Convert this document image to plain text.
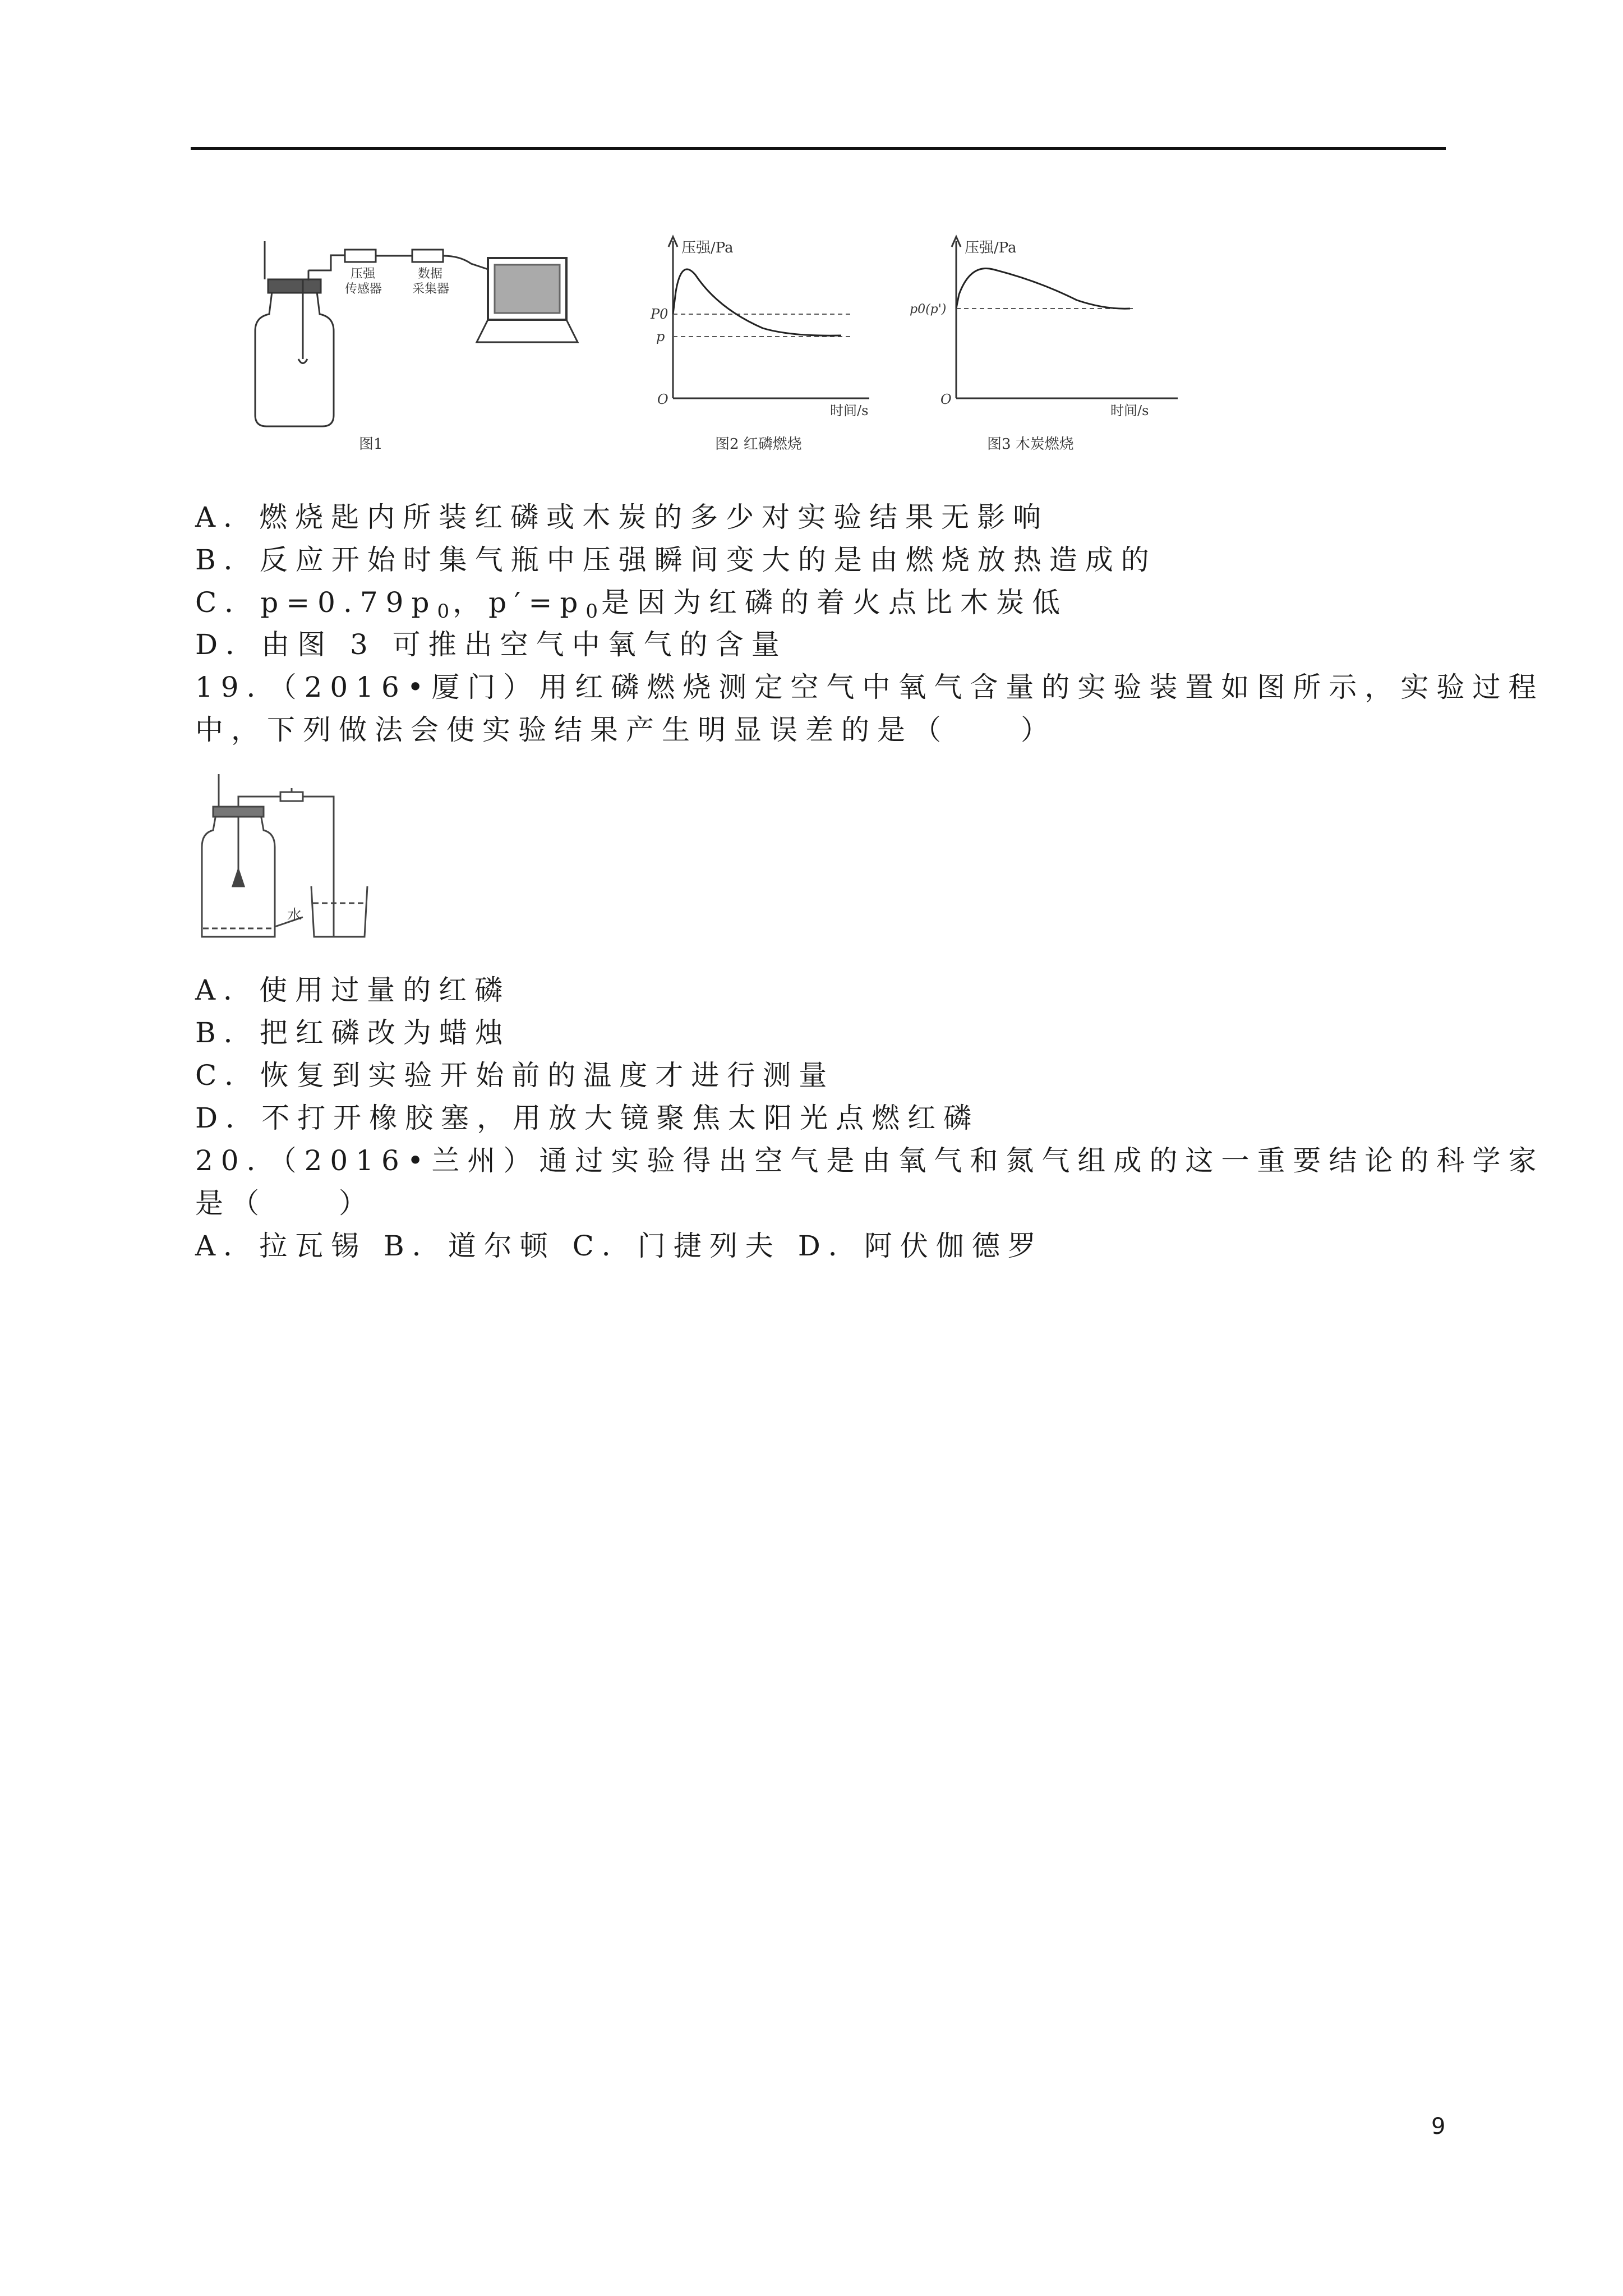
压强
传感器
数据
采集器
图1
压强/Pa
P0
p
O
时间/s
图2 红磷燃烧
压强/Pa
p0(p')
O
时间/s
图3 木炭燃烧
A．燃烧匙内所装红磷或木炭的多少对实验结果无影响
B．反应开始时集气瓶中压强瞬间变大的是由燃烧放热造成的
C．$p=0.79p_0$，$p'=p_0$是因为红磷的着火点比木炭低
D．由图 3 可推出空气中氧气的含量
19．（2016•厦门）用红磷燃烧测定空气中氧气含量的实验装置如图所示，实验过程
中，下列做法会使实验结果产生明显误差的是（　　）
水
A．使用过量的红磷
B．把红磷改为蜡烛
C．恢复到实验开始前的温度才进行测量
D．不打开橡胶塞，用放大镜聚焦太阳光点燃红磷
20．（2016•兰州）通过实验得出空气是由氧气和氮气组成的这一重要结论的科学家
是（　　）
A．拉瓦锡 B．道尔顿 C．门捷列夫 D．阿伏伽德罗
9
